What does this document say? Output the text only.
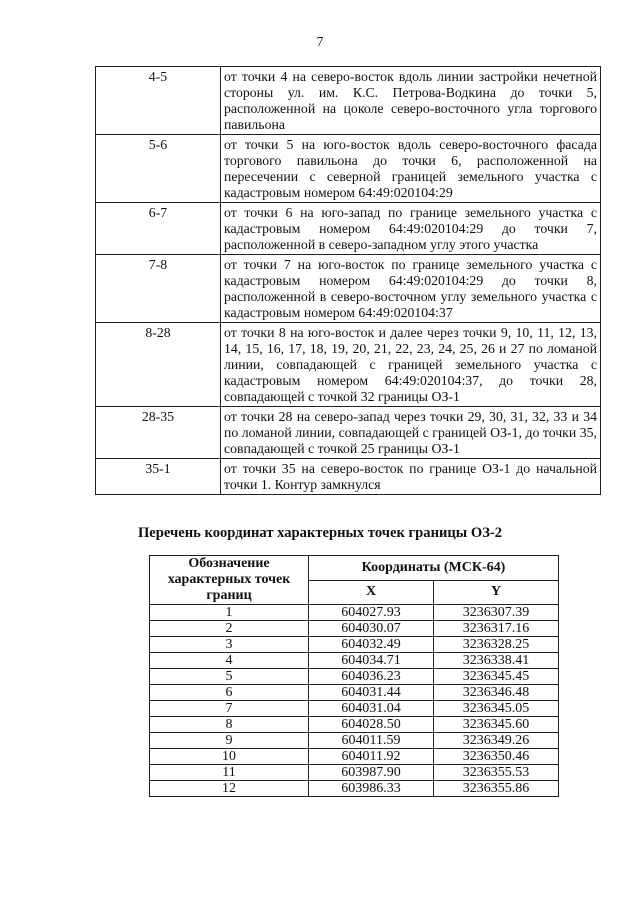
7
4-5	от точки 4 на северо-восток вдоль линии застройки нечетной стороны ул. им. К.С. Петрова-Водкина до точки 5, расположенной на цоколе северо-восточного угла торгового павильона
5-6	от точки 5 на юго-восток вдоль северо-восточного фасада торгового павильона до точки 6, расположенной на пересечении с северной границей земельного участка с кадастровым номером 64:49:020104:29
6-7	от точки 6 на юго-запад по границе земельного участка с кадастровым номером 64:49:020104:29 до точки 7, расположенной в северо-западном углу этого участка
7-8	от точки 7 на юго-восток по границе земельного участка с кадастровым номером 64:49:020104:29 до точки 8, расположенной в северо-восточном углу земельного участка с кадастровым номером 64:49:020104:37
8-28	от точки 8 на юго-восток и далее через точки 9, 10, 11, 12, 13, 14, 15, 16, 17, 18, 19, 20, 21, 22, 23, 24, 25, 26 и 27 по ломаной линии, совпадающей с границей земельного участка с кадастровым номером 64:49:020104:37, до точки 28, совпадающей с точкой 32 границы ОЗ-1
28-35	от точки 28 на северо-запад через точки 29, 30, 31, 32, 33 и 34 по ломаной линии, совпадающей с границей ОЗ-1, до точки 35, совпадающей с точкой 25 границы ОЗ-1
35-1	от точки 35 на северо-восток по границе ОЗ-1 до начальной точки 1. Контур замкнулся
Перечень координат характерных точек границы ОЗ-2
Обозначение характерных точек границ	Координаты (МСК-64)	
	X	Y
1	604027.93	3236307.39
2	604030.07	3236317.16
3	604032.49	3236328.25
4	604034.71	3236338.41
5	604036.23	3236345.45
6	604031.44	3236346.48
7	604031.04	3236345.05
8	604028.50	3236345.60
9	604011.59	3236349.26
10	604011.92	3236350.46
11	603987.90	3236355.53
12	603986.33	3236355.86
